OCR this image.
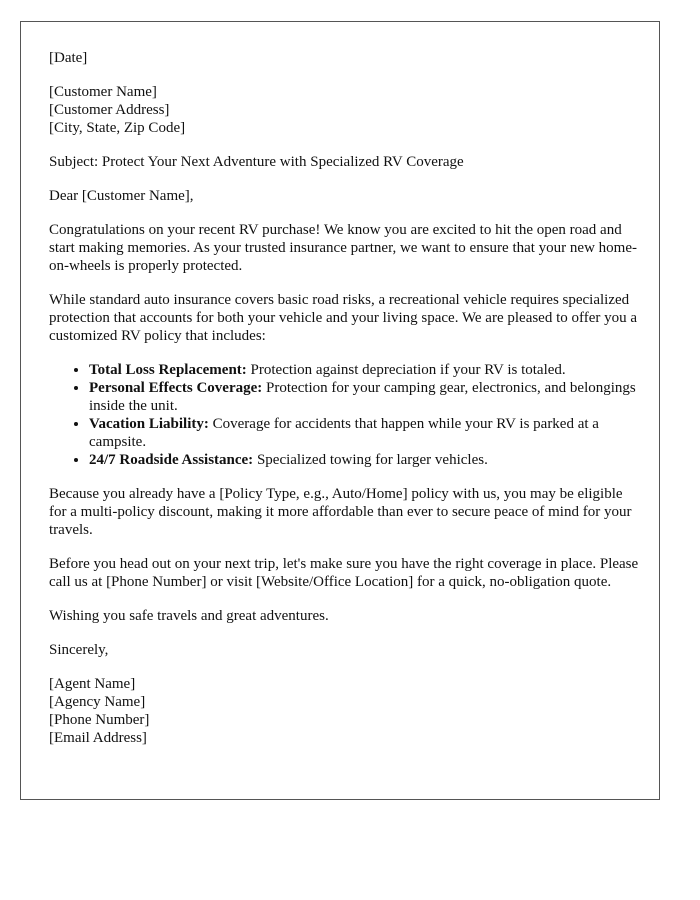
[Date]

[Customer Name]
[Customer Address]
[City, State, Zip Code]

Subject: Protect Your Next Adventure with Specialized RV Coverage

Dear [Customer Name],

Congratulations on your recent RV purchase! We know you are excited to hit the open road and start making memories. As your trusted insurance partner, we want to ensure that your new home-on-wheels is properly protected.

While standard auto insurance covers basic road risks, a recreational vehicle requires specialized protection that accounts for both your vehicle and your living space. We are pleased to offer you a customized RV policy that includes:

• Total Loss Replacement: Protection against depreciation if your RV is totaled.
• Personal Effects Coverage: Protection for your camping gear, electronics, and belongings inside the unit.
• Vacation Liability: Coverage for accidents that happen while your RV is parked at a campsite.
• 24/7 Roadside Assistance: Specialized towing for larger vehicles.

Because you already have a [Policy Type, e.g., Auto/Home] policy with us, you may be eligible for a multi-policy discount, making it more affordable than ever to secure peace of mind for your travels.

Before you head out on your next trip, let's make sure you have the right coverage in place. Please call us at [Phone Number] or visit [Website/Office Location] for a quick, no-obligation quote.

Wishing you safe travels and great adventures.

Sincerely,

[Agent Name]
[Agency Name]
[Phone Number]
[Email Address]
